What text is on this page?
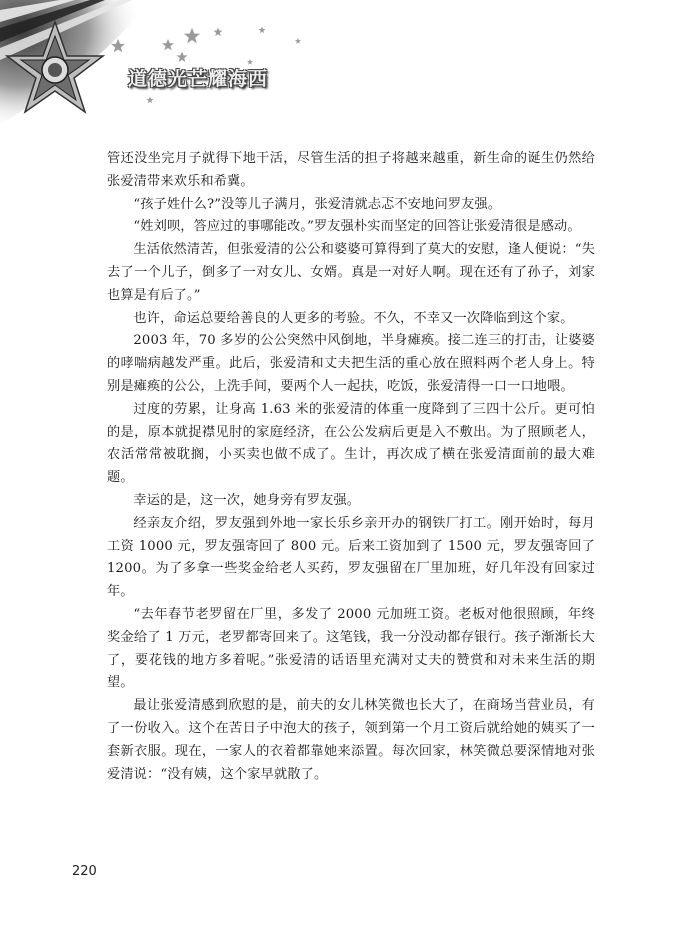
道德光芒耀海西

管还没坐完月子就得下地干活，尽管生活的担子将越来越重，新生命的诞生仍然给张爱清带来欢乐和希冀。

“孩子姓什么?”没等儿子满月，张爱清就忐忑不安地问罗友强。

“姓刘呗，答应过的事哪能改。”罗友强朴实而坚定的回答让张爱清很是感动。

生活依然清苦，但张爱清的公公和婆婆可算得到了莫大的安慰，逢人便说：“失去了一个儿子，倒多了一对女儿、女婿。真是一对好人啊。现在还有了孙子，刘家也算是有后了。”

也许，命运总要给善良的人更多的考验。不久，不幸又一次降临到这个家。

2003 年，70 多岁的公公突然中风倒地，半身瘫痪。接二连三的打击，让婆婆的哮喘病越发严重。此后，张爱清和丈夫把生活的重心放在照料两个老人身上。特别是瘫痪的公公，上洗手间，要两个人一起扶，吃饭，张爱清得一口一口地喂。

过度的劳累，让身高 1.63 米的张爱清的体重一度降到了三四十公斤。更可怕的是，原本就捉襟见肘的家庭经济，在公公发病后更是入不敷出。为了照顾老人，农活常常被耽搁，小买卖也做不成了。生计，再次成了横在张爱清面前的最大难题。

幸运的是，这一次，她身旁有罗友强。

经亲友介绍，罗友强到外地一家长乐乡亲开办的钢铁厂打工。刚开始时，每月工资 1000 元，罗友强寄回了 800 元。后来工资加到了 1500 元，罗友强寄回了 1200。为了多拿一些奖金给老人买药，罗友强留在厂里加班，好几年没有回家过年。

“去年春节老罗留在厂里，多发了 2000 元加班工资。老板对他很照顾，年终奖金给了 1 万元，老罗都寄回来了。这笔钱，我一分没动都存银行。孩子渐渐长大了，要花钱的地方多着呢。”张爱清的话语里充满对丈夫的赞赏和对未来生活的期望。

最让张爱清感到欣慰的是，前夫的女儿林笑微也长大了，在商场当营业员，有了一份收入。这个在苦日子中泡大的孩子，领到第一个月工资后就给她的姨买了一套新衣服。现在，一家人的衣着都靠她来添置。每次回家，林笑微总要深情地对张爱清说：“没有姨，这个家早就散了。

220
